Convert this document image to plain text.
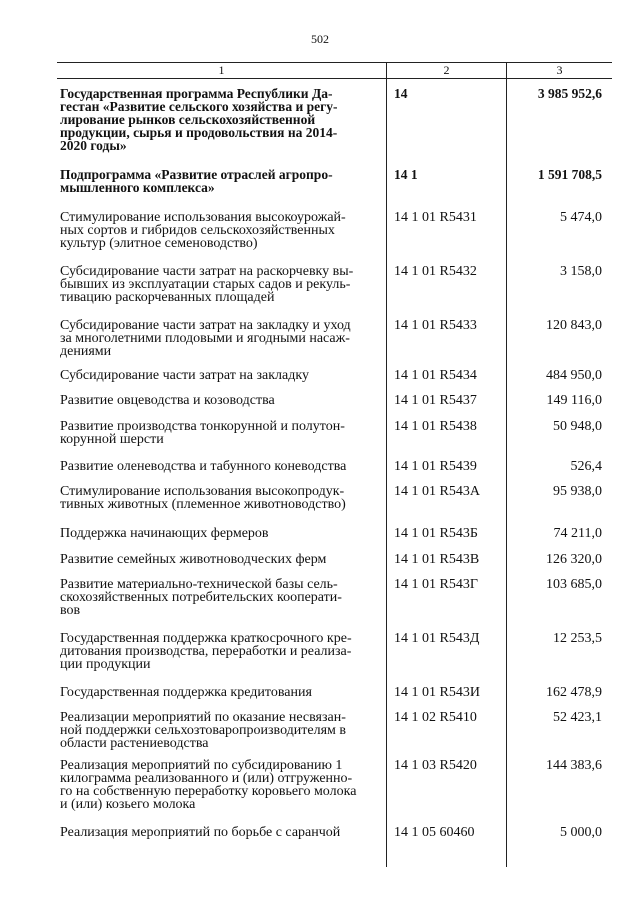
502
1	2	3
Государственная программа Республики Да-
гестан «Развитие сельского хозяйства и регу-
лирование рынков сельскохозяйственной
продукции, сырья и продовольствия на 2014-
2020 годы»
14	3 985 952,6
Подпрограмма «Развитие отраслей агропро-
мышленного комплекса»
14 1	1 591 708,5
Стимулирование использования высокоурожай-
ных сортов и гибридов сельскохозяйственных
культур (элитное семеноводство)
14 1 01 R5431	5 474,0
Субсидирование части затрат на раскорчевку вы-
бывших из эксплуатации старых садов и рекуль-
тивацию раскорчеванных площадей
14 1 01 R5432	3 158,0
Субсидирование части затрат на закладку и уход
за многолетними плодовыми и ягодными насаж-
дениями
14 1 01 R5433	120 843,0
Субсидирование части затрат на закладку	14 1 01 R5434	484 950,0
Развитие овцеводства и козоводства	14 1 01 R5437	149 116,0
Развитие производства тонкорунной и полутон-
корунной шерсти
14 1 01 R5438	50 948,0
Развитие оленеводства и табунного коневодства	14 1 01 R5439	526,4
Стимулирование использования высокопродук-
тивных животных (племенное животноводство)
14 1 01 R543А	95 938,0
Поддержка начинающих фермеров	14 1 01 R543Б	74 211,0
Развитие семейных животноводческих ферм	14 1 01 R543В	126 320,0
Развитие материально-технической базы сель-
скохозяйственных потребительских кооперати-
вов
14 1 01 R543Г	103 685,0
Государственная поддержка краткосрочного кре-
дитования производства, переработки и реализа-
ции продукции
14 1 01 R543Д	12 253,5
Государственная поддержка кредитования	14 1 01 R543И	162 478,9
Реализации мероприятий по оказание несвязан-
ной поддержки сельхозтоваропроизводителям в
области растениеводства
14 1 02 R5410	52 423,1
Реализация мероприятий по субсидированию 1
килограмма реализованного и (или) отгруженно-
го на собственную переработку коровьего молока
и (или) козьего молока
14 1 03 R5420	144 383,6
Реализация мероприятий по борьбе с саранчой	14 1 05 60460	5 000,0
